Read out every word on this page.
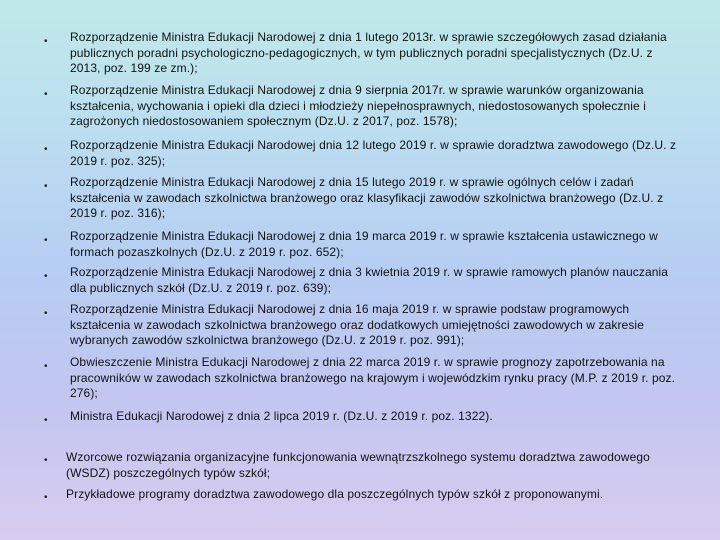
•	Rozporządzenie Ministra Edukacji Narodowej z dnia 1 lutego 2013r. w sprawie szczegółowych zasad działania publicznych poradni psychologiczno-pedagogicznych, w tym publicznych poradni specjalistycznych (Dz.U. z 2013, poz. 199 ze zm.);
•	Rozporządzenie Ministra Edukacji Narodowej z dnia 9 sierpnia 2017r. w sprawie warunków organizowania kształcenia, wychowania i opieki dla dzieci i młodzieży niepełnosprawnych, niedostosowanych społecznie i zagrożonych niedostosowaniem społecznym (Dz.U. z 2017, poz. 1578);
•	Rozporządzenie Ministra Edukacji Narodowej dnia 12 lutego 2019 r. w sprawie doradztwa zawodowego (Dz.U. z 2019 r. poz. 325);
•	Rozporządzenie Ministra Edukacji Narodowej z dnia 15 lutego 2019 r. w sprawie ogólnych celów i zadań kształcenia w zawodach szkolnictwa branżowego oraz klasyfikacji zawodów szkolnictwa branżowego (Dz.U. z 2019 r. poz. 316);
•	Rozporządzenie Ministra Edukacji Narodowej z dnia 19 marca 2019 r. w sprawie kształcenia ustawicznego w formach pozaszkolnych (Dz.U. z 2019 r. poz. 652);
•	Rozporządzenie Ministra Edukacji Narodowej z dnia 3 kwietnia 2019 r. w sprawie ramowych planów nauczania dla publicznych szkół (Dz.U. z 2019 r. poz. 639);
•	Rozporządzenie Ministra Edukacji Narodowej z dnia 16 maja 2019 r. w sprawie podstaw programowych kształcenia w zawodach szkolnictwa branżowego oraz dodatkowych umiejętności zawodowych w zakresie wybranych zawodów szkolnictwa branżowego (Dz.U. z 2019 r. poz. 991);
•	Obwieszczenie Ministra Edukacji Narodowej z dnia 22 marca 2019 r. w sprawie prognozy zapotrzebowania na pracowników w zawodach szkolnictwa branżowego na krajowym i wojewódzkim rynku pracy (M.P. z 2019 r. poz. 276);
•	Ministra Edukacji Narodowej z dnia 2 lipca 2019 r. (Dz.U. z 2019 r. poz. 1322).
•	Wzorcowe rozwiązania organizacyjne funkcjonowania wewnątrzszkolnego systemu doradztwa zawodowego (WSDZ) poszczególnych typów szkół;
•	Przykładowe programy doradztwa zawodowego dla poszczególnych typów szkół z proponowanymi.
